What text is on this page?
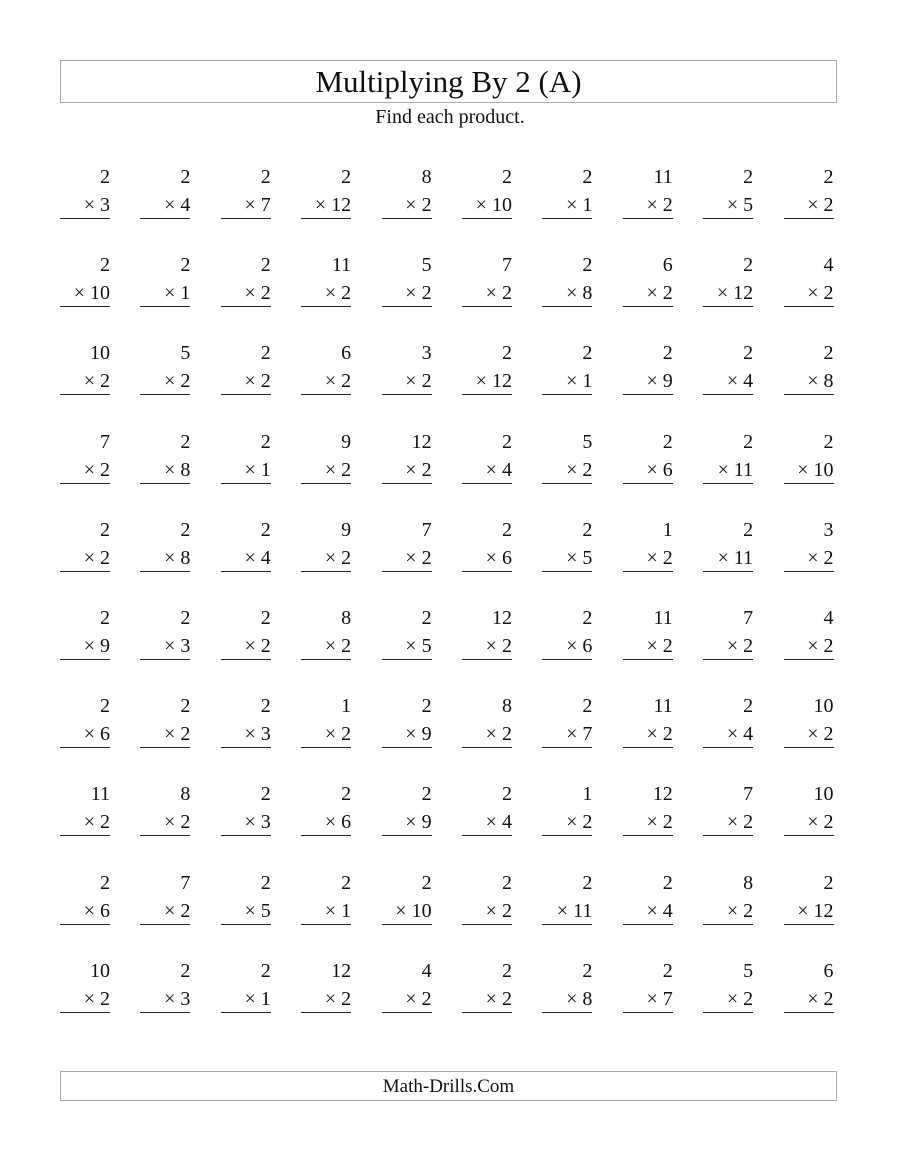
Multiplying By 2 (A)
Find each product.
2
× 3
2
× 4
2
× 7
2
× 12
8
× 2
2
× 10
2
× 1
11
× 2
2
× 5
2
× 2
2
× 10
2
× 1
2
× 2
11
× 2
5
× 2
7
× 2
2
× 8
6
× 2
2
× 12
4
× 2
10
× 2
5
× 2
2
× 2
6
× 2
3
× 2
2
× 12
2
× 1
2
× 9
2
× 4
2
× 8
7
× 2
2
× 8
2
× 1
9
× 2
12
× 2
2
× 4
5
× 2
2
× 6
2
× 11
2
× 10
2
× 2
2
× 8
2
× 4
9
× 2
7
× 2
2
× 6
2
× 5
1
× 2
2
× 11
3
× 2
2
× 9
2
× 3
2
× 2
8
× 2
2
× 5
12
× 2
2
× 6
11
× 2
7
× 2
4
× 2
2
× 6
2
× 2
2
× 3
1
× 2
2
× 9
8
× 2
2
× 7
11
× 2
2
× 4
10
× 2
11
× 2
8
× 2
2
× 3
2
× 6
2
× 9
2
× 4
1
× 2
12
× 2
7
× 2
10
× 2
2
× 6
7
× 2
2
× 5
2
× 1
2
× 10
2
× 2
2
× 11
2
× 4
8
× 2
2
× 12
10
× 2
2
× 3
2
× 1
12
× 2
4
× 2
2
× 2
2
× 8
2
× 7
5
× 2
6
× 2
Math-Drills.Com
